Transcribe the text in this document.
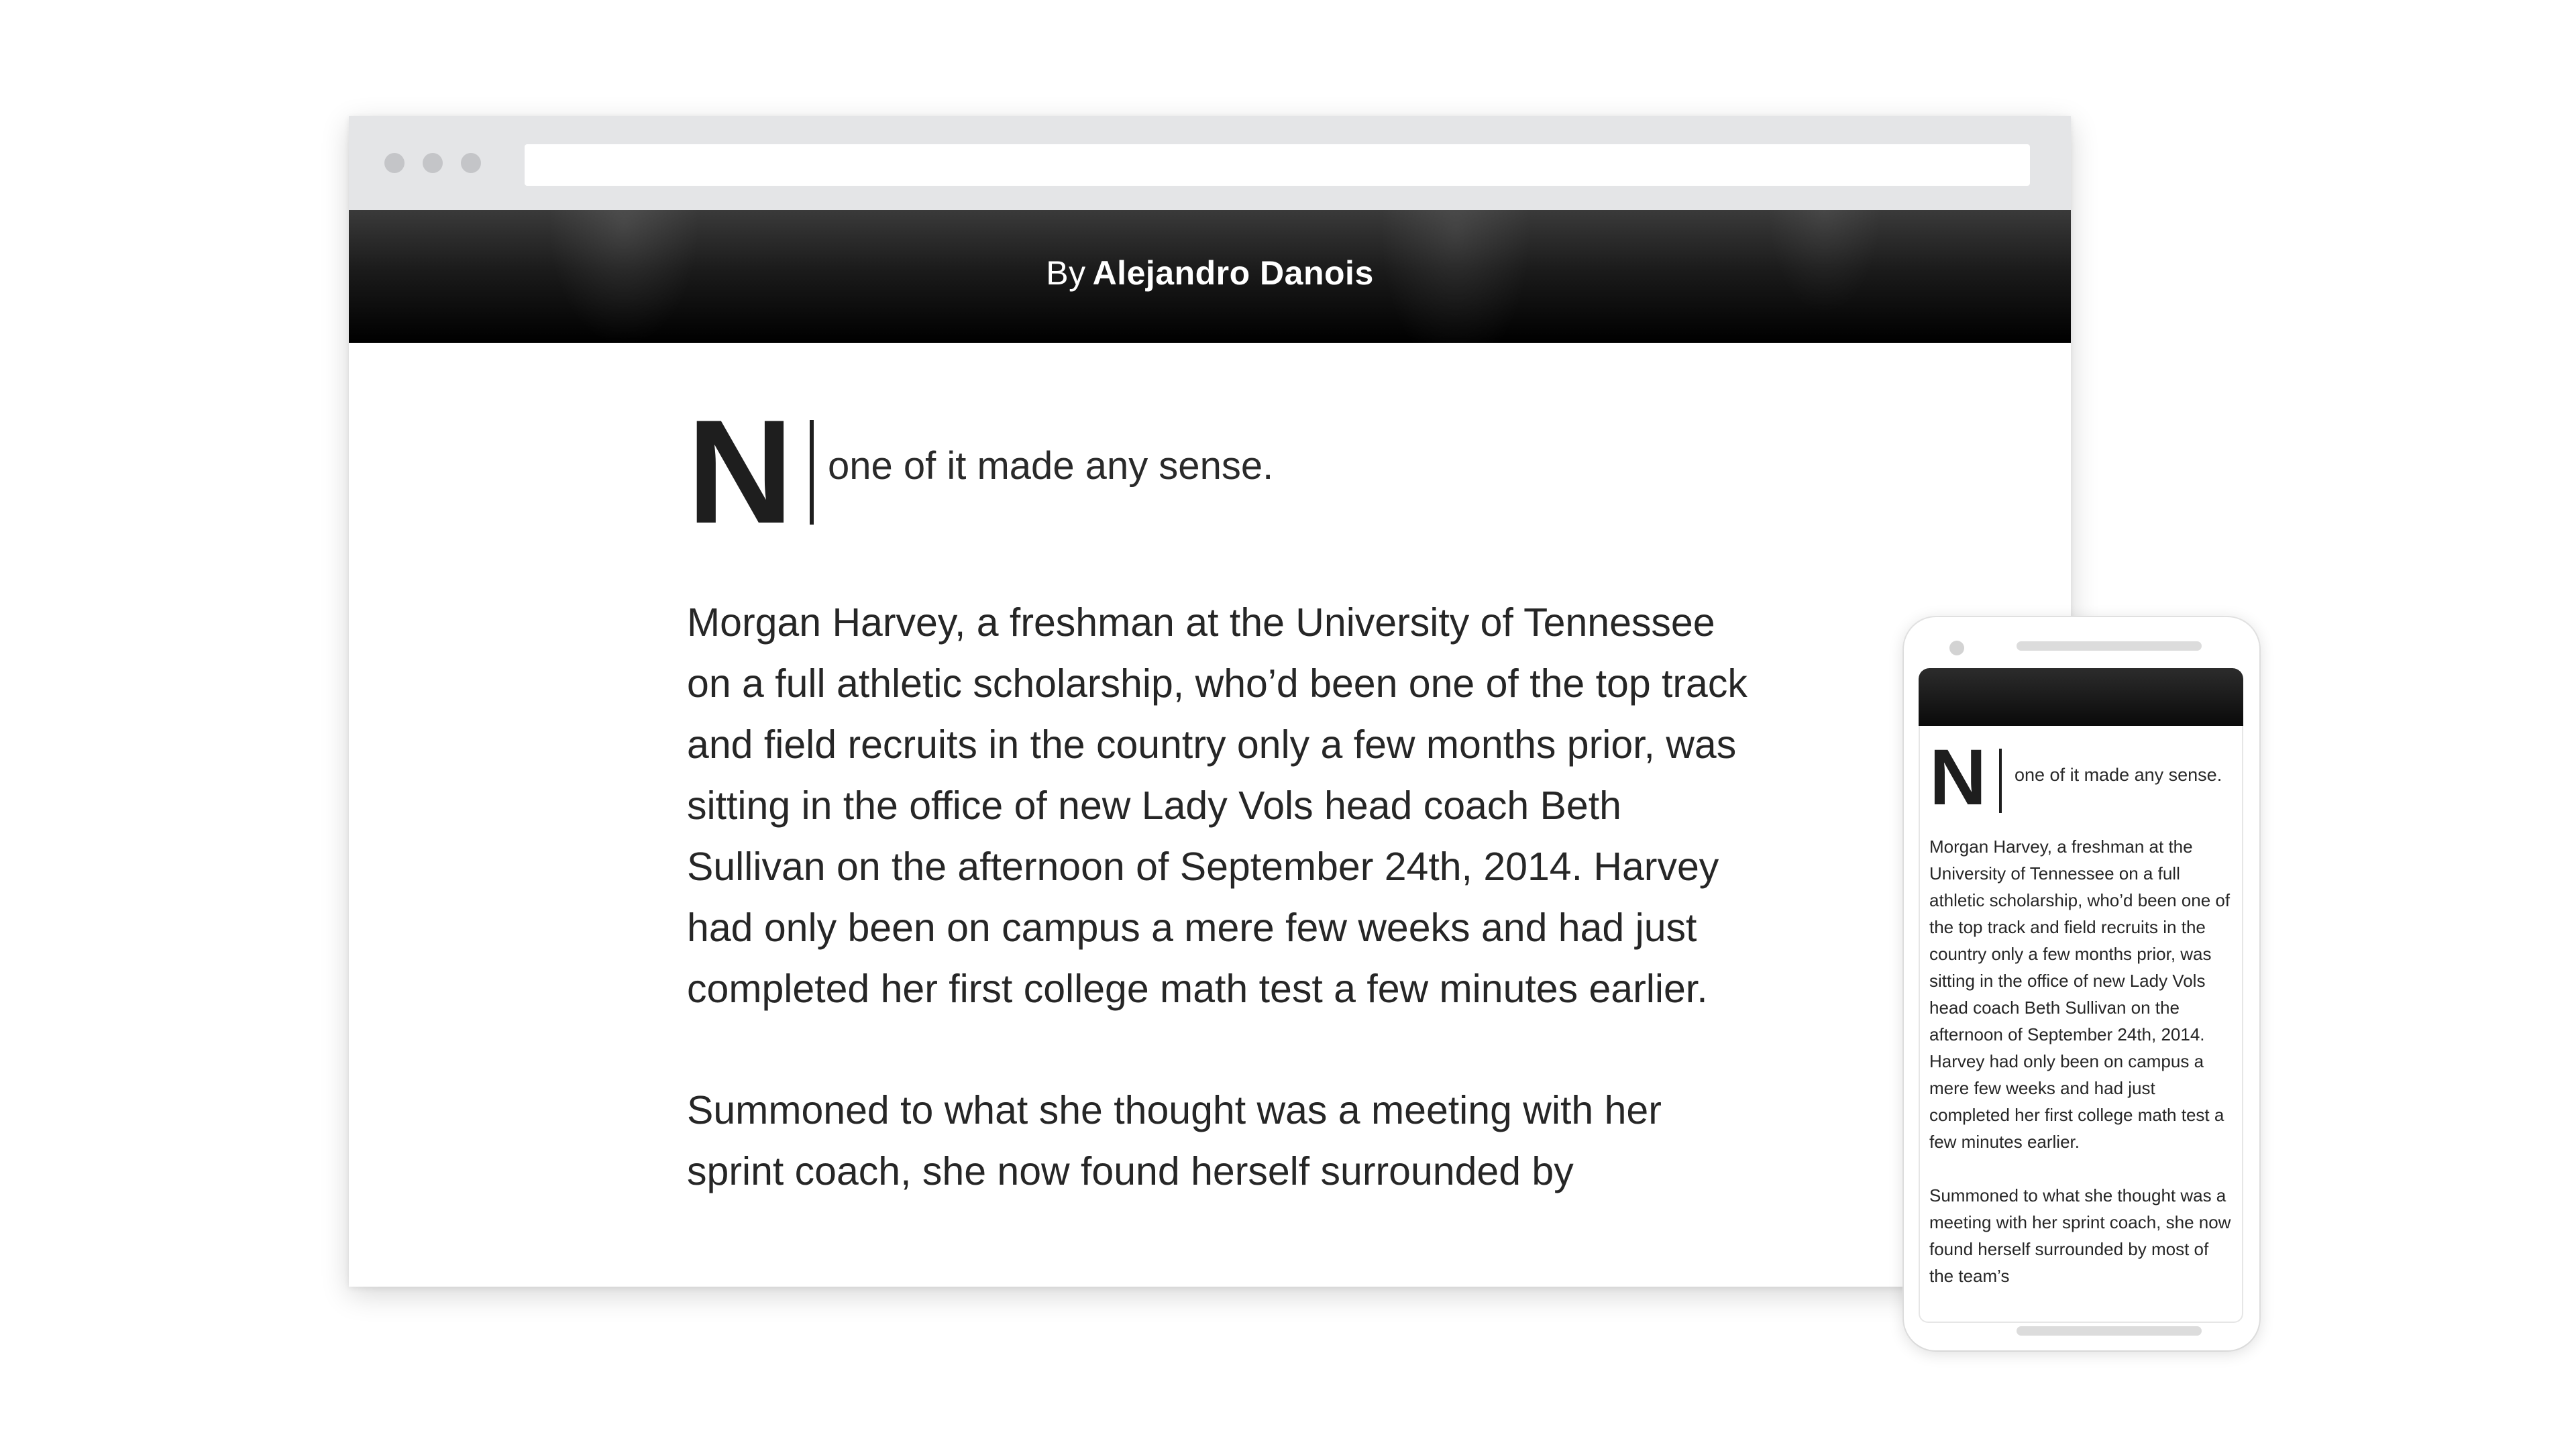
By Alejandro Danois
N one of it made any sense.

Morgan Harvey, a freshman at the University of Tennessee on a full athletic scholarship, who’d been one of the top track and field recruits in the country only a few months prior, was sitting in the office of new Lady Vols head coach Beth Sullivan on the afternoon of September 24th, 2014. Harvey had only been on campus a mere few weeks and had just completed her first college math test a few minutes earlier.

Summoned to what she thought was a meeting with her sprint coach, she now found herself surrounded by

N one of it made any sense.

Morgan Harvey, a freshman at the University of Tennessee on a full athletic scholarship, who’d been one of the top track and field recruits in the country only a few months prior, was sitting in the office of new Lady Vols head coach Beth Sullivan on the afternoon of September 24th, 2014. Harvey had only been on campus a mere few weeks and had just completed her first college math test a few minutes earlier.

Summoned to what she thought was a meeting with her sprint coach, she now found herself surrounded by most of the team’s
